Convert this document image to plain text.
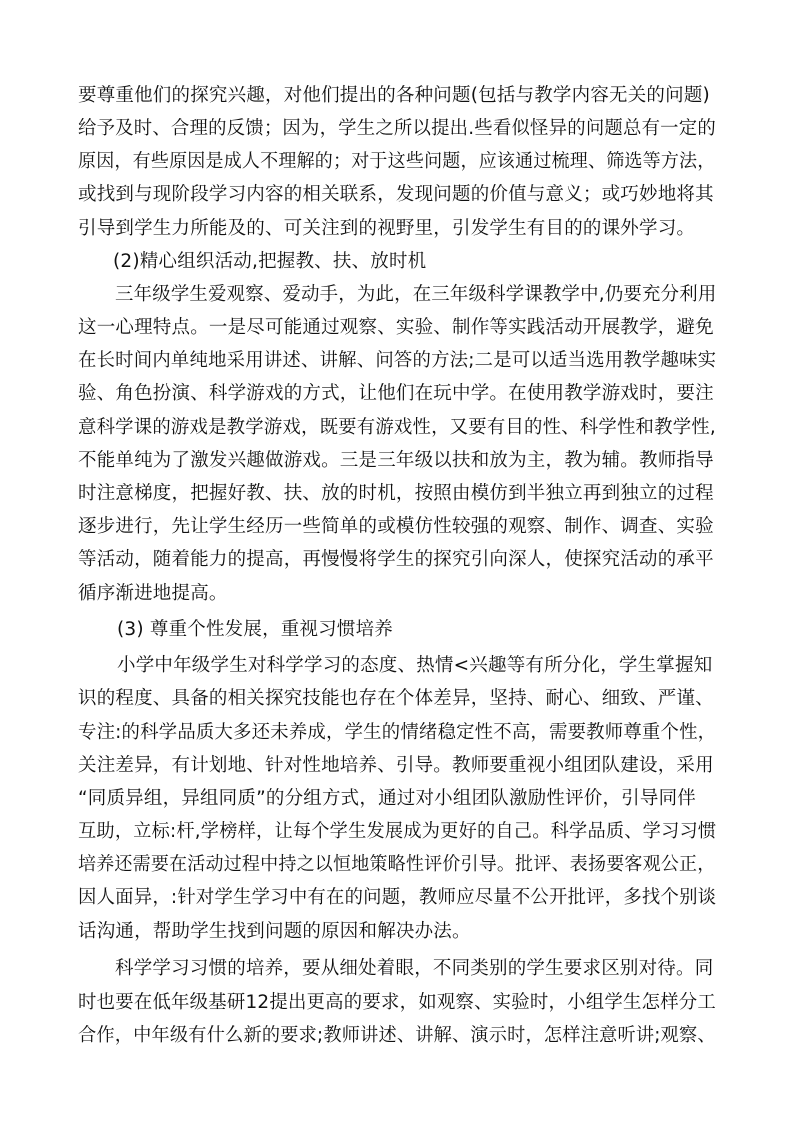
要尊重他们的探究兴趣，对他们提出的各种问题(包括与教学内容无关的问题)
给予及时、合理的反馈；因为，学生之所以提出.些看似怪异的问题总有一定的
原因，有些原因是成人不理解的；对于这些问题，应该通过梳理、筛选等方法，
或找到与现阶段学习内容的相关联系，发现问题的价值与意义；或巧妙地将其
引导到学生力所能及的、可关注到的视野里，引发学生有目的的课外学习。
(2)精心组织活动,把握教、扶、放时机
三年级学生爱观察、爱动手，为此，在三年级科学课教学中,仍要充分利用
这一心理特点。一是尽可能通过观察、实验、制作等实践活动开展教学，避免
在长时间内单纯地采用讲述、讲解、问答的方法;二是可以适当选用教学趣味实
验、角色扮演、科学游戏的方式，让他们在玩中学。在使用教学游戏时，要注
意科学课的游戏是教学游戏，既要有游戏性，又要有目的性、科学性和教学性,
不能单纯为了激发兴趣做游戏。三是三年级以扶和放为主，教为辅。教师指导
时注意梯度，把握好教、扶、放的时机，按照由模仿到半独立再到独立的过程
逐步进行，先让学生经历一些简单的或模仿性较强的观察、制作、调查、实验
等活动，随着能力的提高，再慢慢将学生的探究引向深人，使探究活动的承平
循序渐进地提高。
(3) 尊重个性发展，重视习惯培养
小学中年级学生对科学学习的态度、热情<兴趣等有所分化，学生掌握知
识的程度、具备的相关探究技能也存在个体差异，坚持、耐心、细致、严谨、
专注:的科学品质大多还未养成，学生的情绪稳定性不高，需要教师尊重个性，
关注差异，有计划地、针对性地培养、引导。教师要重视小组团队建设，采用
“同质异组，异组同质”的分组方式，通过对小组团队激励性评价，引导同伴
互助，立标:杆,学榜样，让每个学生发展成为更好的自己。科学品质、学习习惯
培养还需要在活动过程中持之以恒地策略性评价引导。批评、表扬要客观公正，
因人面异，:针对学生学习中有在的问题，教师应尽量不公开批评，多找个别谈
话沟通，帮助学生找到问题的原因和解决办法。
科学学习习惯的培养，要从细处着眼，不同类别的学生要求区别对待。同
时也要在低年级基研12提出更高的要求，如观察、实验时，小组学生怎样分工
合作，中年级有什么新的要求;教师讲述、讲解、演示时，怎样注意听讲;观察、
